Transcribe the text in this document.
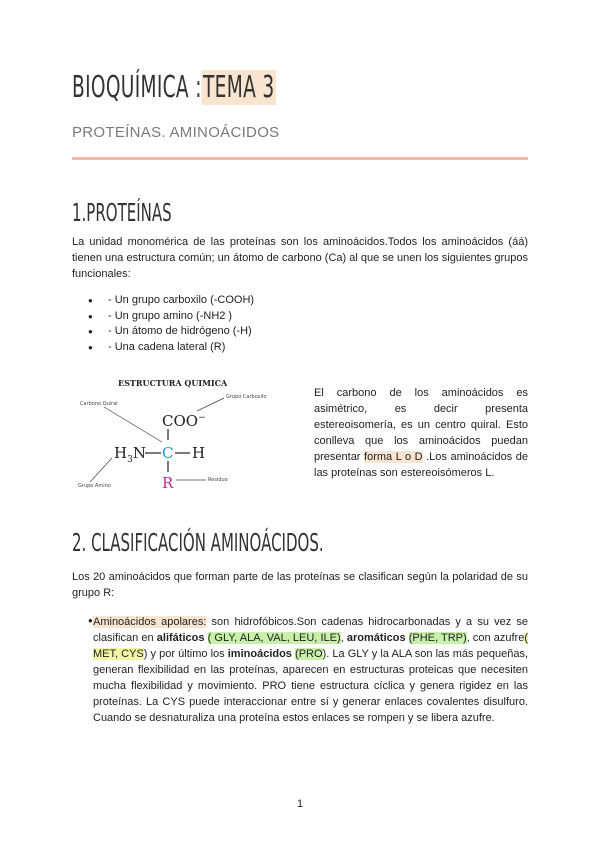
BIOQUÍMICA :TEMA 3

PROTEÍNAS. AMINOÁCIDOS

1.PROTEÍNAS

La unidad monomérica de las proteínas son los aminoácidos.Todos los aminoácidos (áá) tienen una estructura común; un átomo de carbono (Ca) al que se unen los siguientes grupos funcionales:

● - Un grupo carboxilo (-COOH)
● - Un grupo amino (-NH2 )
● - Un átomo de hidrógeno (-H)
● - Una cadena lateral (R)
ESTRUCTURA QUIMICA
Carbono Quiral
Grupo Carboxilo
Grupo Amino
Residuo
COO−
$H_3N$ C H
R

El carbono de los aminoácidos es asimétrico, es decir presenta estereoisomería, es un centro quiral. Esto conlleva que los aminoácidos puedan presentar forma L o D .Los aminoácidos de las proteínas son estereoisómeros L.

2. CLASIFICACIÓN AMINOÁCIDOS.

Los 20 aminoácidos que forman parte de las proteínas se clasifican según la polaridad de su grupo R:

● Aminoácidos apolares: son hidrofóbicos.Son cadenas hidrocarbonadas y a su vez se clasifican en alifáticos ( GLY, ALA, VAL, LEU, ILE), aromáticos (PHE, TRP), con azufre( MET, CYS) y por último los iminoácidos (PRO). La GLY y la ALA son las más pequeñas, generan flexibilidad en las proteínas, aparecen en estructuras proteicas que necesiten mucha flexibilidad y movimiento. PRO tiene estructura cíclica y genera rigidez en las proteínas. La CYS puede interaccionar entre sí y generar enlaces covalentes disulfuro. Cuando se desnaturaliza una proteína estos enlaces se rompen y se libera azufre.

1
